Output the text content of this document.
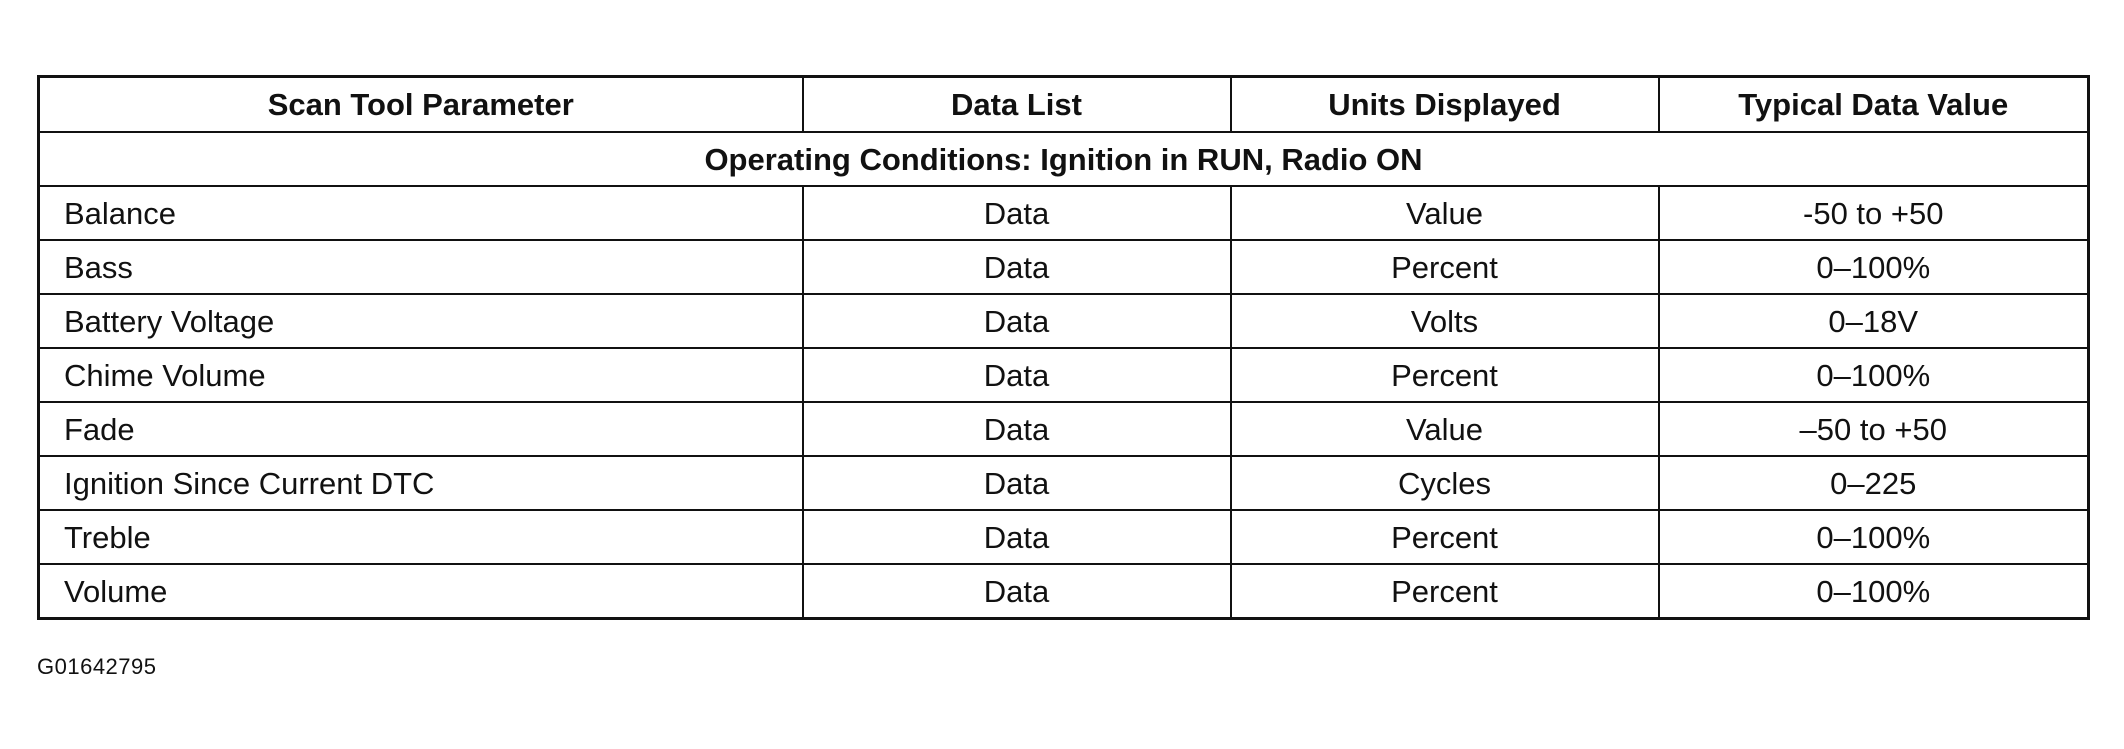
Scan Tool Parameter	Data List	Units Displayed	Typical Data Value
Operating Conditions: Ignition in RUN, Radio ON			
Balance	Data	Value	-50 to +50
Bass	Data	Percent	0–100%
Battery Voltage	Data	Volts	0–18V
Chime Volume	Data	Percent	0–100%
Fade	Data	Value	–50 to +50
Ignition Since Current DTC	Data	Cycles	0–225
Treble	Data	Percent	0–100%
Volume	Data	Percent	0–100%
G01642795
